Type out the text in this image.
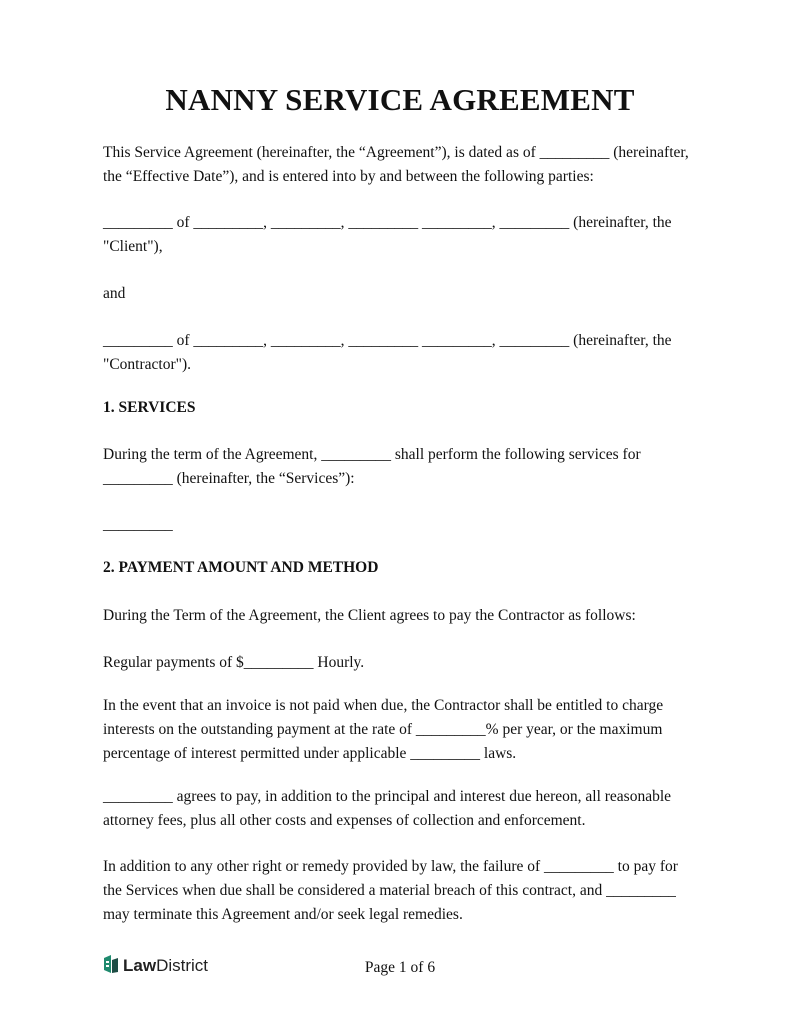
NANNY SERVICE AGREEMENT
This Service Agreement (hereinafter, the “Agreement”), is dated as of _________ (hereinafter,
the “Effective Date”), and is entered into by and between the following parties:
_________ of _________, _________, _________ _________, _________ (hereinafter, the
"Client"),
and
_________ of _________, _________, _________ _________, _________ (hereinafter, the
"Contractor").
1. SERVICES
During the term of the Agreement, _________ shall perform the following services for
_________ (hereinafter, the “Services”):
_________
2. PAYMENT AMOUNT AND METHOD
During the Term of the Agreement, the Client agrees to pay the Contractor as follows:
Regular payments of $_________ Hourly.
In the event that an invoice is not paid when due, the Contractor shall be entitled to charge
interests on the outstanding payment at the rate of _________% per year, or the maximum
percentage of interest permitted under applicable _________ laws.
_________ agrees to pay, in addition to the principal and interest due hereon, all reasonable
attorney fees, plus all other costs and expenses of collection and enforcement.
In addition to any other right or remedy provided by law, the failure of _________ to pay for
the Services when due shall be considered a material breach of this contract, and _________
may terminate this Agreement and/or seek legal remedies.
LawDistrict	Page 1 of 6
